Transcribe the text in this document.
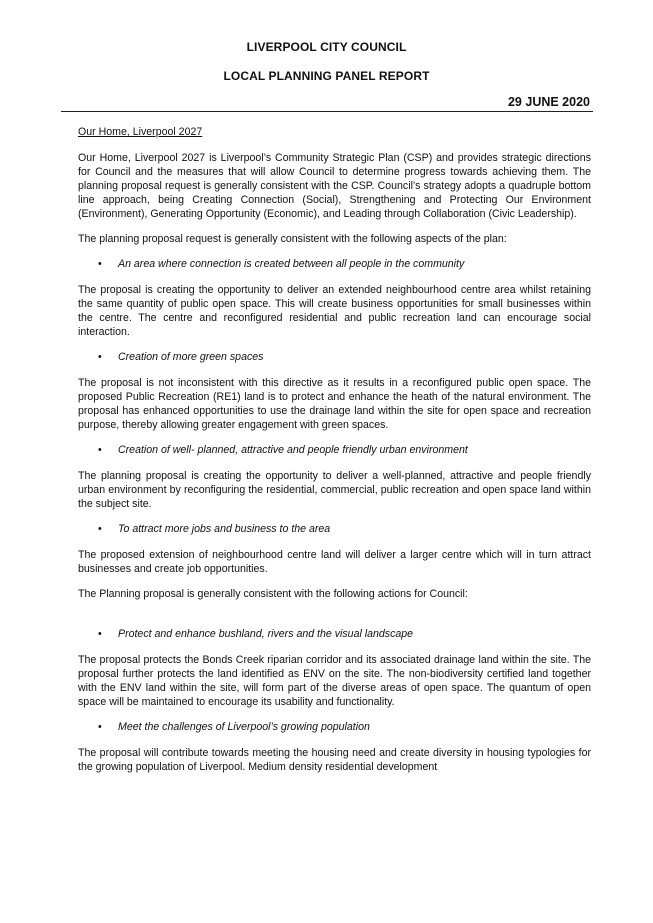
LIVERPOOL CITY COUNCIL
LOCAL PLANNING PANEL REPORT
29 JUNE 2020
Our Home, Liverpool 2027

Our Home, Liverpool 2027 is Liverpool’s Community Strategic Plan (CSP) and provides strategic directions for Council and the measures that will allow Council to determine progress towards achieving them. The planning proposal request is generally consistent with the CSP. Council’s strategy adopts a quadruple bottom line approach, being Creating Connection (Social), Strengthening and Protecting Our Environment (Environment), Generating Opportunity (Economic), and Leading through Collaboration (Civic Leadership).

The planning proposal request is generally consistent with the following aspects of the plan:

• An area where connection is created between all people in the community

The proposal is creating the opportunity to deliver an extended neighbourhood centre area whilst retaining the same quantity of public open space. This will create business opportunities for small businesses within the centre. The centre and reconfigured residential and public recreation land can encourage social interaction.

• Creation of more green spaces

The proposal is not inconsistent with this directive as it results in a reconfigured public open space. The proposed Public Recreation (RE1) land is to protect and enhance the heath of the natural environment. The proposal has enhanced opportunities to use the drainage land within the site for open space and recreation purpose, thereby allowing greater engagement with green spaces.

• Creation of well- planned, attractive and people friendly urban environment

The planning proposal is creating the opportunity to deliver a well-planned, attractive and people friendly urban environment by reconfiguring the residential, commercial, public recreation and open space land within the subject site.

• To attract more jobs and business to the area

The proposed extension of neighbourhood centre land will deliver a larger centre which will in turn attract businesses and create job opportunities.

The Planning proposal is generally consistent with the following actions for Council:

• Protect and enhance bushland, rivers and the visual landscape

The proposal protects the Bonds Creek riparian corridor and its associated drainage land within the site. The proposal further protects the land identified as ENV on the site. The non-biodiversity certified land together with the ENV land within the site, will form part of the diverse areas of open space. The quantum of open space will be maintained to encourage its usability and functionality.

• Meet the challenges of Liverpool’s growing population

The proposal will contribute towards meeting the housing need and create diversity in housing typologies for the growing population of Liverpool. Medium density residential development
